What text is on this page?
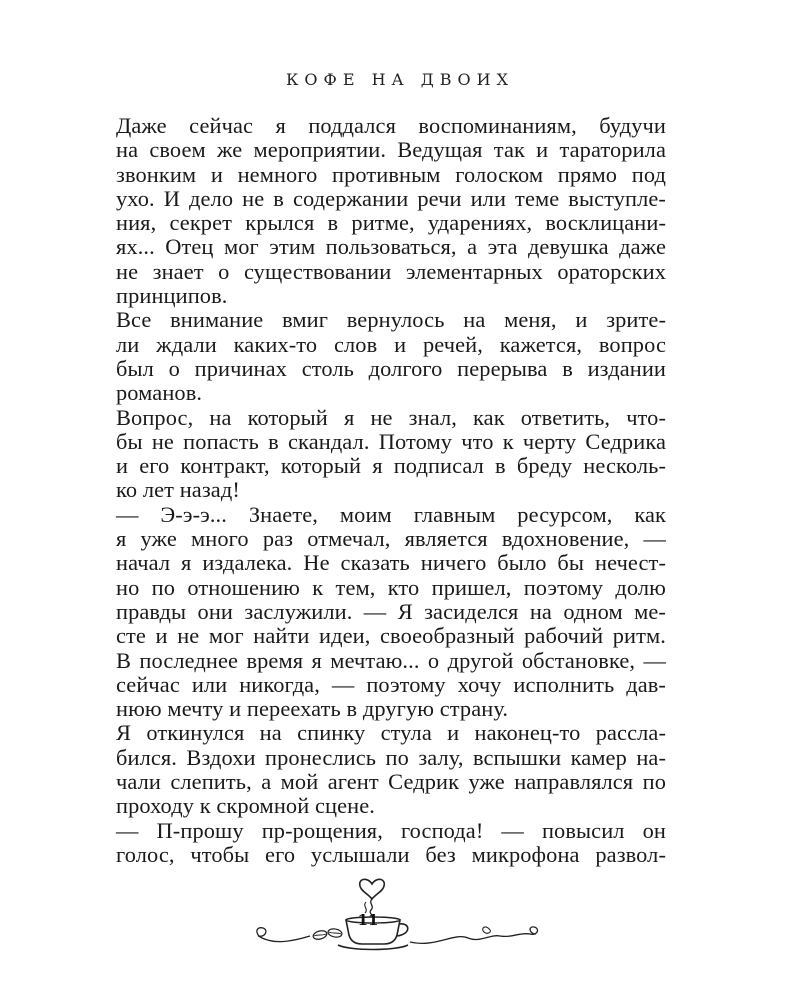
КОФЕ НА ДВОИХ
Даже сейчас я поддался воспоминаниям, будучи
на своем же мероприятии. Ведущая так и тараторила
звонким и немного противным голоском прямо под
ухо. И дело не в содержании речи или теме выступле-
ния, секрет крылся в ритме, ударениях, восклицани-
ях... Отец мог этим пользоваться, а эта девушка даже
не знает о существовании элементарных ораторских
принципов.
Все внимание вмиг вернулось на меня, и зрите-
ли ждали каких-то слов и речей, кажется, вопрос
был о причинах столь долгого перерыва в издании
романов.
Вопрос, на который я не знал, как ответить, что-
бы не попасть в скандал. Потому что к черту Седрика
и его контракт, который я подписал в бреду несколь-
ко лет назад!
— Э-э-э... Знаете, моим главным ресурсом, как
я уже много раз отмечал, является вдохновение, —
начал я издалека. Не сказать ничего было бы нечест-
но по отношению к тем, кто пришел, поэтому долю
правды они заслужили. — Я засиделся на одном ме-
сте и не мог найти идеи, своеобразный рабочий ритм.
В последнее время я мечтаю... о другой обстановке, —
сейчас или никогда, — поэтому хочу исполнить дав-
нюю мечту и переехать в другую страну.
Я откинулся на спинку стула и наконец-то рассла-
бился. Вздохи пронеслись по залу, вспышки камер на-
чали слепить, а мой агент Седрик уже направлялся по
проходу к скромной сцене.
— П-прошу пр-рощения, господа! — повысил он
голос, чтобы его услышали без микрофона развол-
11
